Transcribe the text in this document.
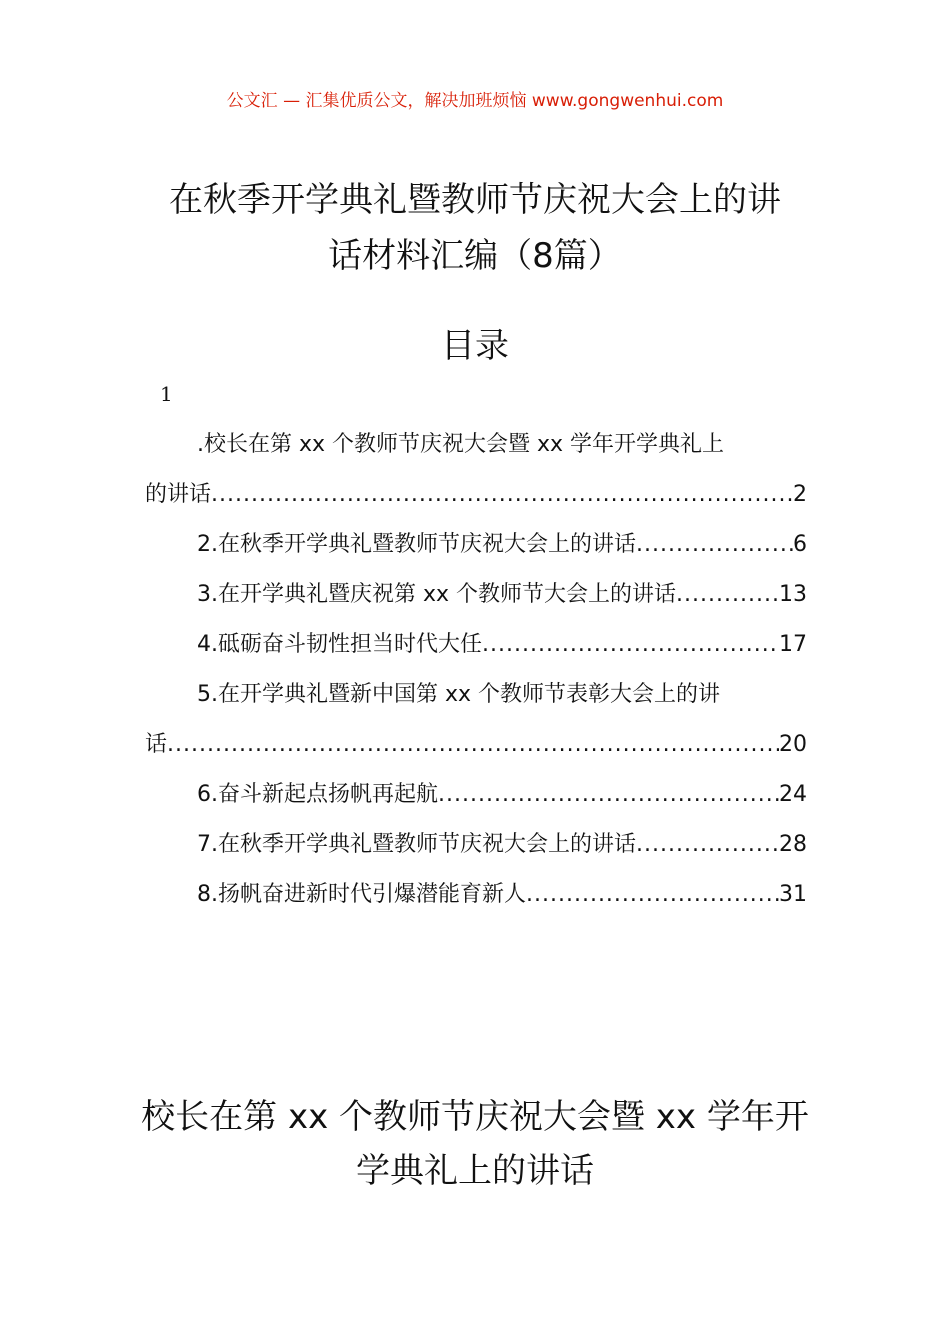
公文汇 — 汇集优质公文，解决加班烦恼 www.gongwenhui.com
在秋季开学典礼暨教师节庆祝大会上的讲
话材料汇编（8篇）
目录
1
.校长在第 xx 个教师节庆祝大会暨 xx 学年开学典礼上
的讲话 .....	2
2.在秋季开学典礼暨教师节庆祝大会上的讲话 .....	6
3.在开学典礼暨庆祝第 xx 个教师节大会上的讲话 .....	13
4.砥砺奋斗韧性担当时代大任 .....	17
5.在开学典礼暨新中国第 xx 个教师节表彰大会上的讲
话 .....	20
6.奋斗新起点扬帆再起航 .....	24
7.在秋季开学典礼暨教师节庆祝大会上的讲话 .....	28
8.扬帆奋进新时代引爆潜能育新人 .....	31
校长在第 xx 个教师节庆祝大会暨 xx 学年开
学典礼上的讲话
